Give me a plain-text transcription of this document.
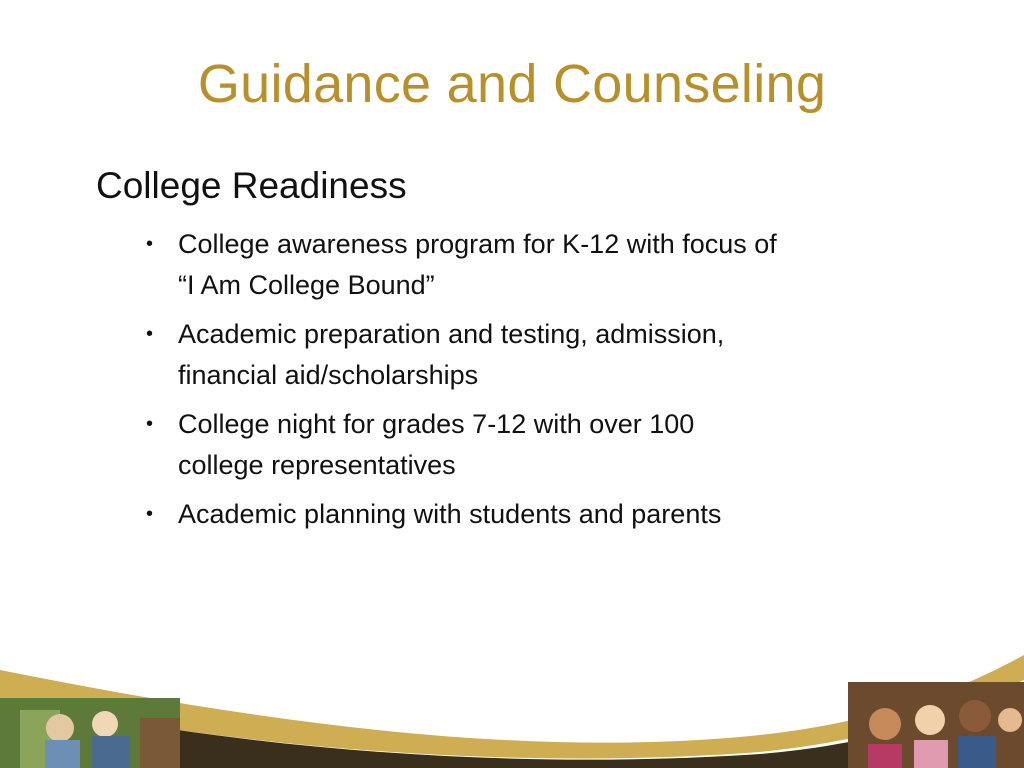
Guidance and Counseling
College Readiness
• College awareness program for K-12 with focus of
“I Am College Bound”
• Academic preparation and testing, admission,
financial aid/scholarships
• College night for grades 7-12 with over 100
college representatives
• Academic planning with students and parents
